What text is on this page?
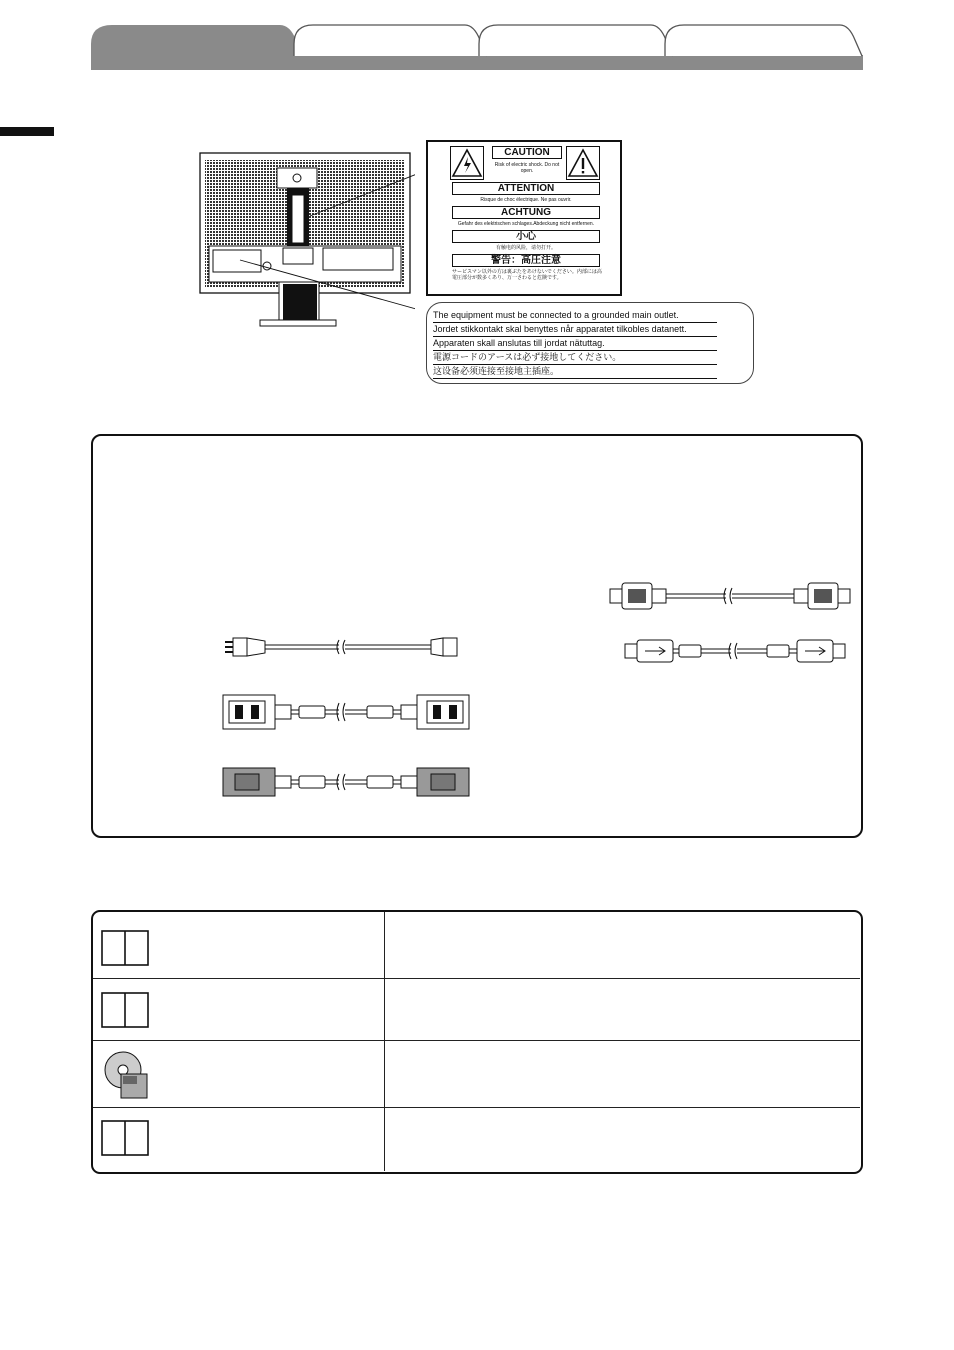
CAUTION
Risk of electric shock. Do not open.
ATTENTION
Risque de choc électrique. Ne pas ouvrir.
ACHTUNG
Gefahr des elektrischen schlages.Abdeckung nicht entfernen.
小心
有触电的风险，请勿打开。
警告：高圧注意
サービスマン以外の方は裏ぶたをあけないでください。内部には高電圧部分が数多くあり、万一さわると危険です。
The equipment must be connected to a grounded main outlet.
Jordet stikkontakt skal benyttes når apparatet tilkobles datanett.
Apparaten skall anslutas till jordat nätuttag.
電源コードのアースは必ず接地してください。
这设备必须连接至接地主插座。
